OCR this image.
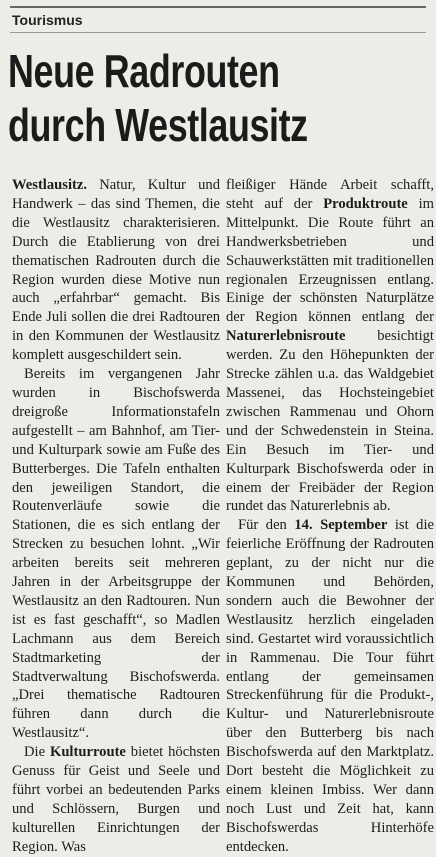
Tourismus
Neue Radrouten
durch Westlausitz

Westlausitz. Natur, Kultur und Handwerk – das sind Themen, die die Westlausitz charakterisieren. Durch die Etablierung von drei thematischen Radrouten durch die Region wurden diese Motive nun auch „erfahrbar“ gemacht. Bis Ende Juli sollen die drei Radtouren in den Kommunen der Westlausitz komplett ausgeschildert sein.

Bereits im vergangenen Jahr wurden in Bischofswerda dreigroße Informationstafeln aufgestellt – am Bahnhof, am Tier- und Kulturpark sowie am Fuße des Butterberges. Die Tafeln enthalten den jeweiligen Standort, die Routenverläufe sowie die Stationen, die es sich entlang der Strecken zu besuchen lohnt. „Wir arbeiten bereits seit mehreren Jahren in der Arbeitsgruppe der Westlausitz an den Radtouren. Nun ist es fast geschafft“, so Madlen Lachmann aus dem Bereich Stadtmarketing der Stadtverwaltung Bischofswerda. „Drei thematische Radtouren führen dann durch die Westlausitz“.

Die Kulturroute bietet höchsten Genuss für Geist und Seele und führt vorbei an bedeutenden Parks und Schlössern, Burgen und kulturellen Einrichtungen der Region. Was

fleißiger Hände Arbeit schafft, steht auf der Produktroute im Mittelpunkt. Die Route führt an Handwerksbetrieben und Schauwerkstätten mit traditionellen regionalen Erzeugnissen entlang. Einige der schönsten Naturplätze der Region können entlang der Naturerlebnisroute besichtigt werden. Zu den Höhepunkten der Strecke zählen u.a. das Waldgebiet Massenei, das Hochsteingebiet zwischen Rammenau und Ohorn und der Schwedenstein in Steina. Ein Besuch im Tier- und Kulturpark Bischofswerda oder in einem der Freibäder der Region rundet das Naturerlebnis ab.

Für den 14. September ist die feierliche Eröffnung der Radrouten geplant, zu der nicht nur die Kommunen und Behörden, sondern auch die Bewohner der Westlausitz herzlich eingeladen sind. Gestartet wird voraussichtlich in Rammenau. Die Tour führt entlang der gemeinsamen Streckenführung für die Produkt-, Kultur- und Naturerlebnisroute über den Butterberg bis nach Bischofswerda auf den Marktplatz. Dort besteht die Möglichkeit zu einem kleinen Imbiss. Wer dann noch Lust und Zeit hat, kann Bischofswerdas Hinterhöfe entdecken.
